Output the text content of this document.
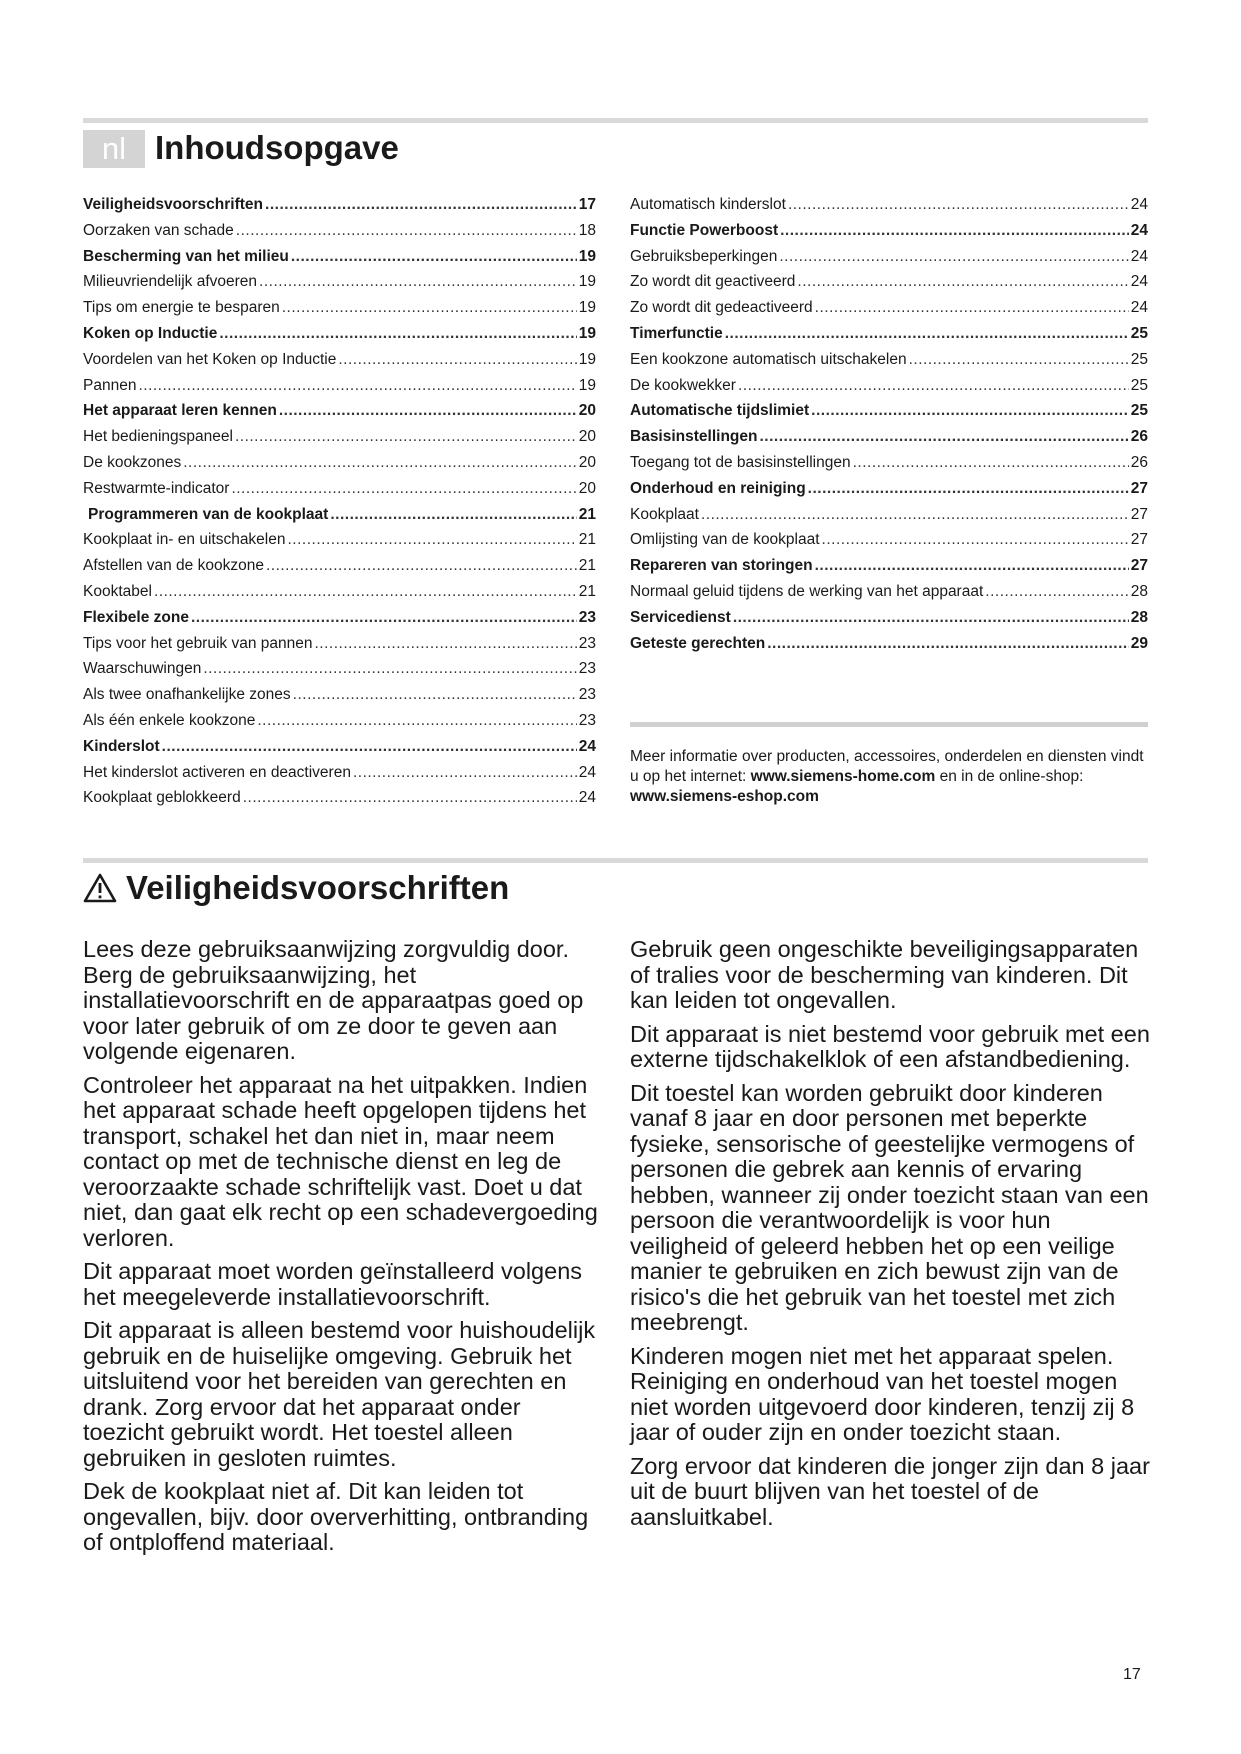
nl Inhoudsopgave
Veiligheidsvoorschriften .....	17
Oorzaken van schade .....	18
Bescherming van het milieu .....	19
Milieuvriendelijk afvoeren .....	19
Tips om energie te besparen .....	19
Koken op Inductie .....	19
Voordelen van het Koken op Inductie .....	19
Pannen .....	19
Het apparaat leren kennen .....	20
Het bedieningspaneel .....	20
De kookzones .....	20
Restwarmte-indicator .....	20
Programmeren van de kookplaat .....	21
Kookplaat in- en uitschakelen .....	21
Afstellen van de kookzone .....	21
Kooktabel .....	21
Flexibele zone .....	23
Tips voor het gebruik van pannen .....	23
Waarschuwingen .....	23
Als twee onafhankelijke zones .....	23
Als één enkele kookzone .....	23
Kinderslot .....	24
Het kinderslot activeren en deactiveren .....	24
Kookplaat geblokkeerd .....	24
Automatisch kinderslot .....	24
Functie Powerboost .....	24
Gebruiksbeperkingen .....	24
Zo wordt dit geactiveerd .....	24
Zo wordt dit gedeactiveerd .....	24
Timerfunctie .....	25
Een kookzone automatisch uitschakelen .....	25
De kookwekker .....	25
Automatische tijdslimiet .....	25
Basisinstellingen .....	26
Toegang tot de basisinstellingen .....	26
Onderhoud en reiniging .....	27
Kookplaat .....	27
Omlijsting van de kookplaat .....	27
Repareren van storingen .....	27
Normaal geluid tijdens de werking van het apparaat .....	28
Servicedienst .....	28
Geteste gerechten .....	29
Meer informatie over producten, accessoires, onderdelen en diensten vindt u op het internet: www.siemens-home.com en in de online-shop: www.siemens-eshop.com
Veiligheidsvoorschriften

Lees deze gebruiksaanwijzing zorgvuldig door. Berg de gebruiksaanwijzing, het installatievoorschrift en de apparaatpas goed op voor later gebruik of om ze door te geven aan volgende eigenaren.

Controleer het apparaat na het uitpakken. Indien het apparaat schade heeft opgelopen tijdens het transport, schakel het dan niet in, maar neem contact op met de technische dienst en leg de veroorzaakte schade schriftelijk vast. Doet u dat niet, dan gaat elk recht op een schadevergoeding verloren.

Dit apparaat moet worden geïnstalleerd volgens het meegeleverde installatievoorschrift.

Dit apparaat is alleen bestemd voor huishoudelijk gebruik en de huiselijke omgeving. Gebruik het uitsluitend voor het bereiden van gerechten en drank. Zorg ervoor dat het apparaat onder toezicht gebruikt wordt. Het toestel alleen gebruiken in gesloten ruimtes.

Dek de kookplaat niet af. Dit kan leiden tot ongevallen, bijv. door oververhitting, ontbranding of ontploffend materiaal.

Gebruik geen ongeschikte beveiligingsapparaten of tralies voor de bescherming van kinderen. Dit kan leiden tot ongevallen.

Dit apparaat is niet bestemd voor gebruik met een externe tijdschakelklok of een afstandbediening.

Dit toestel kan worden gebruikt door kinderen vanaf 8 jaar en door personen met beperkte fysieke, sensorische of geestelijke vermogens of personen die gebrek aan kennis of ervaring hebben, wanneer zij onder toezicht staan van een persoon die verantwoordelijk is voor hun veiligheid of geleerd hebben het op een veilige manier te gebruiken en zich bewust zijn van de risico's die het gebruik van het toestel met zich meebrengt.

Kinderen mogen niet met het apparaat spelen. Reiniging en onderhoud van het toestel mogen niet worden uitgevoerd door kinderen, tenzij zij 8 jaar of ouder zijn en onder toezicht staan.

Zorg ervoor dat kinderen die jonger zijn dan 8 jaar uit de buurt blijven van het toestel of de aansluitkabel.

17
